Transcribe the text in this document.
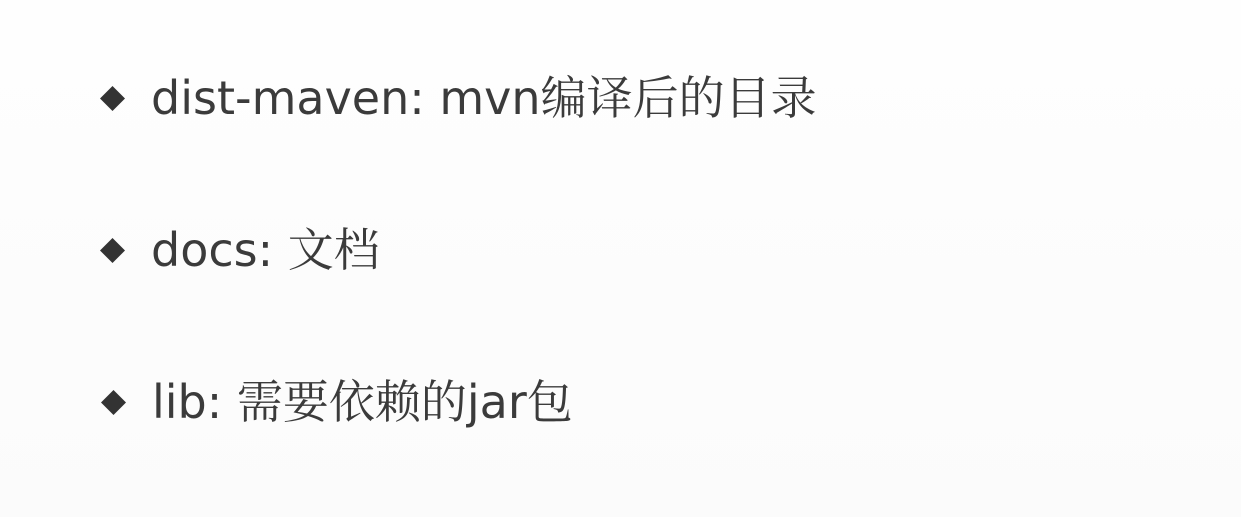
dist-maven: mvn编译后的目录
docs: 文档
lib: 需要依赖的jar包
